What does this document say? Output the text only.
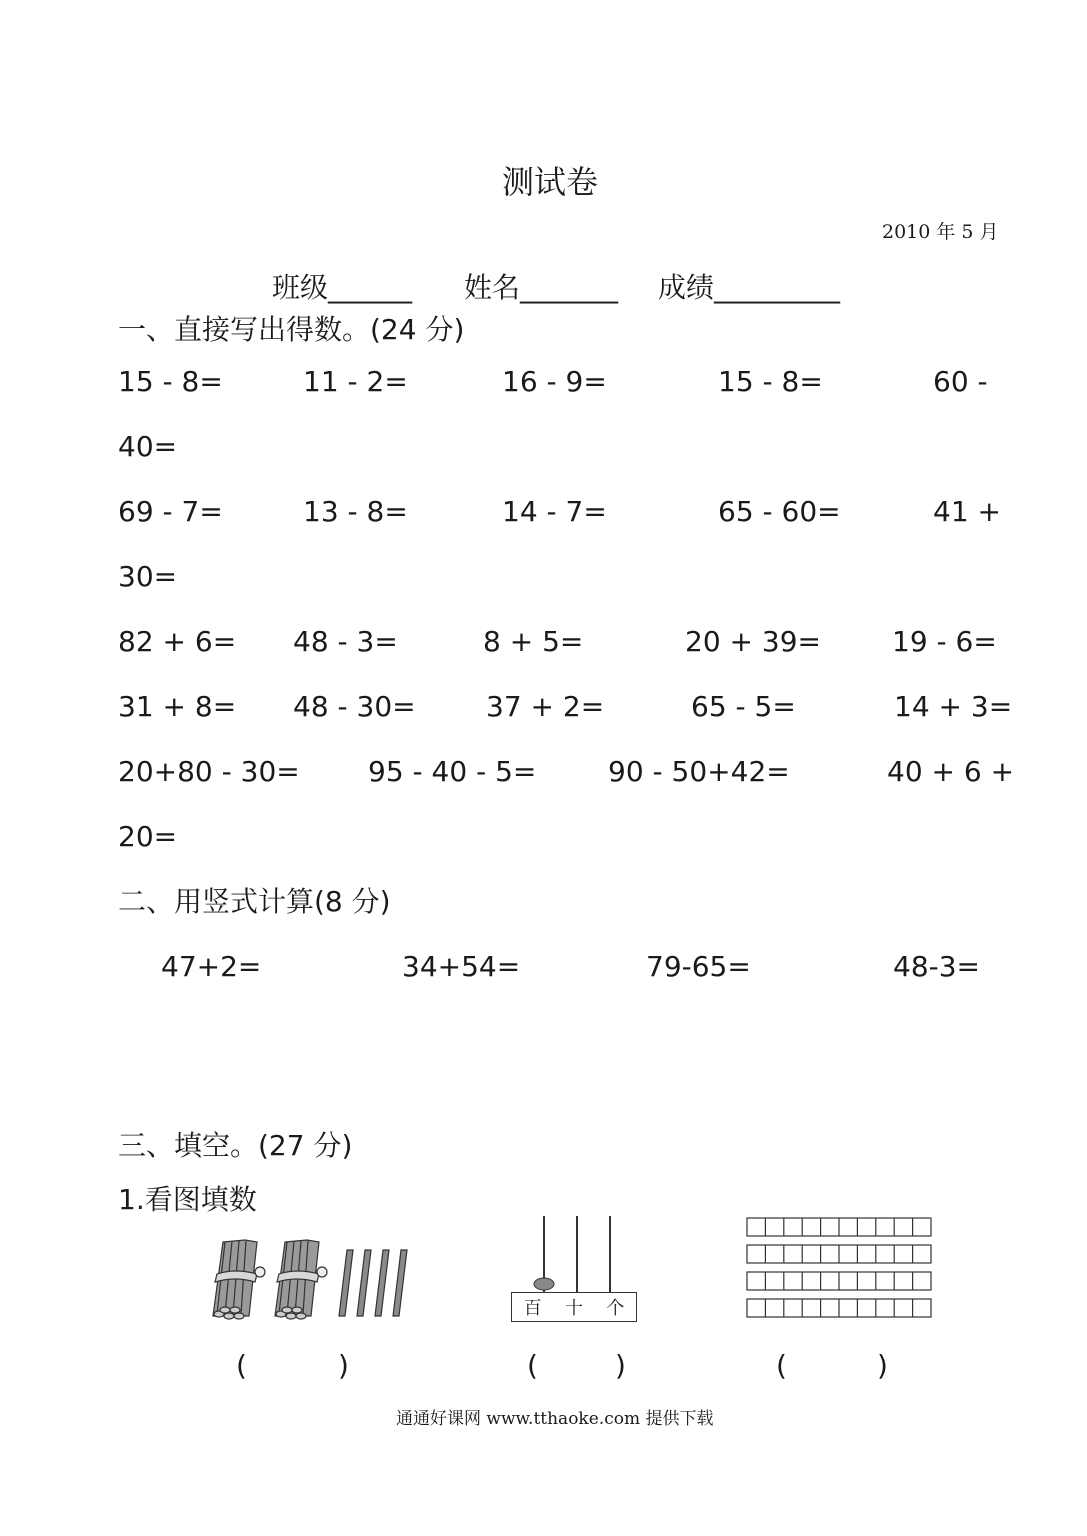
测试卷
2010 年 5 月
班级______ 姓名_______ 成绩_________
一、直接写出得数。(24 分)
15 - 8=	11 - 2=	16 - 9=	15 - 8=	60 -
40=
69 - 7=	13 - 8=	14 - 7=	65 - 60=	41 +
30=
82 + 6= 48 - 3=	8 + 5=	20 + 39=	19 - 6=
31 + 8= 48 - 30=	37 + 2=	65 - 5=	14 + 3=
20+80 - 30= 95 - 40 - 5=	90 - 50+42=	40 + 6 +
20=
二、用竖式计算(8 分)
47+2=	34+54=	79-65=	48-3=
三、填空。(27 分)
1.看图填数
百 十 个
(	)	(	)	(	)
通通好课网 www.tthaoke.com 提供下载
